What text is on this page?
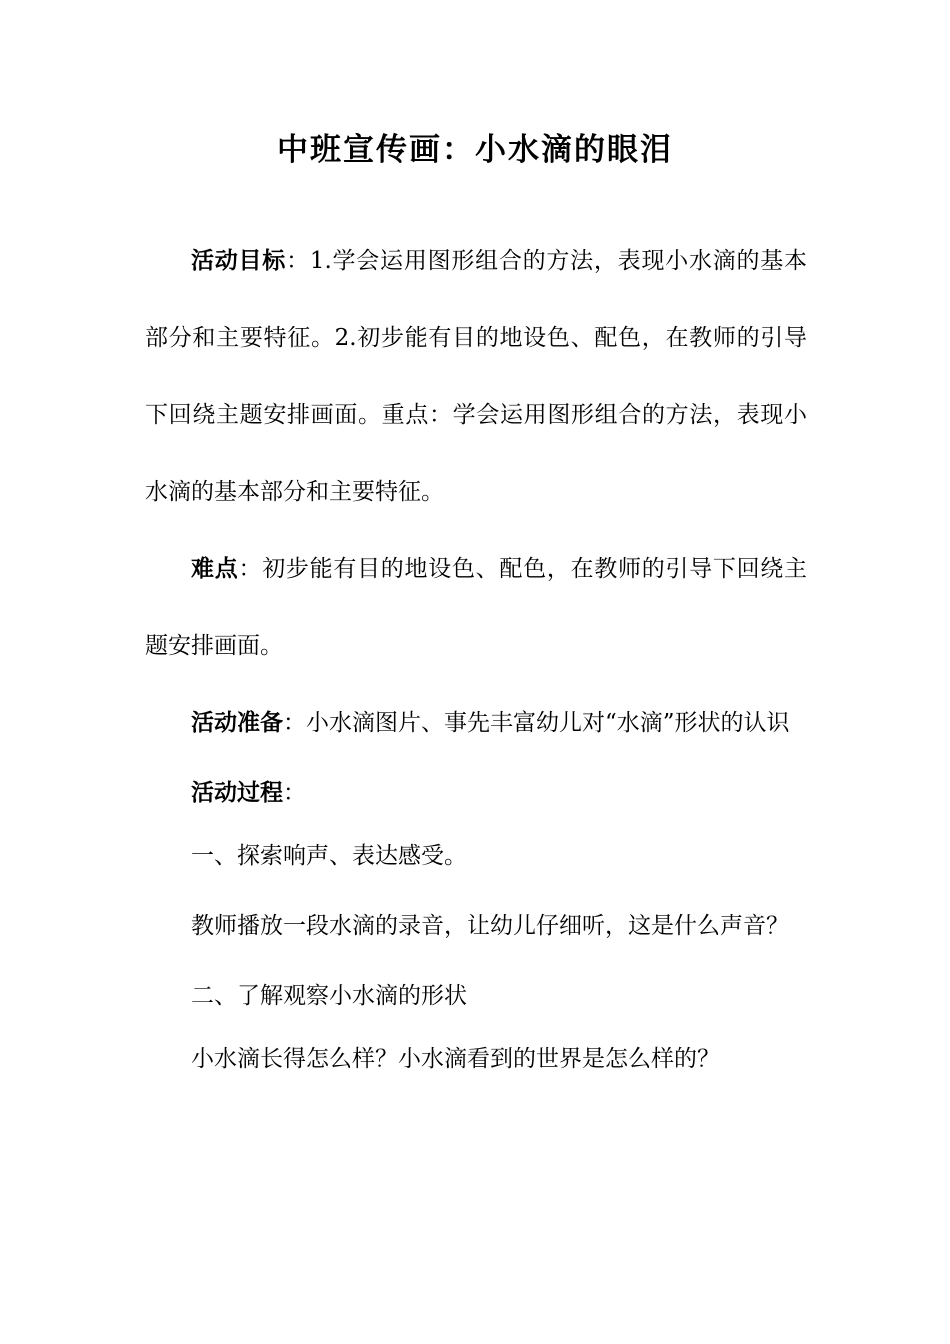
中班宣传画：小水滴的眼泪

活动目标：1.学会运用图形组合的方法，表现小水滴的基本部分和主要特征。2.初步能有目的地设色、配色，在教师的引导下回绕主题安排画面。重点：学会运用图形组合的方法，表现小水滴的基本部分和主要特征。

难点：初步能有目的地设色、配色，在教师的引导下回绕主题安排画面。

活动准备：小水滴图片、事先丰富幼儿对“水滴”形状的认识

活动过程：

一、探索响声、表达感受。

教师播放一段水滴的录音，让幼儿仔细听，这是什么声音？

二、了解观察小水滴的形状

小水滴长得怎么样？小水滴看到的世界是怎么样的？
